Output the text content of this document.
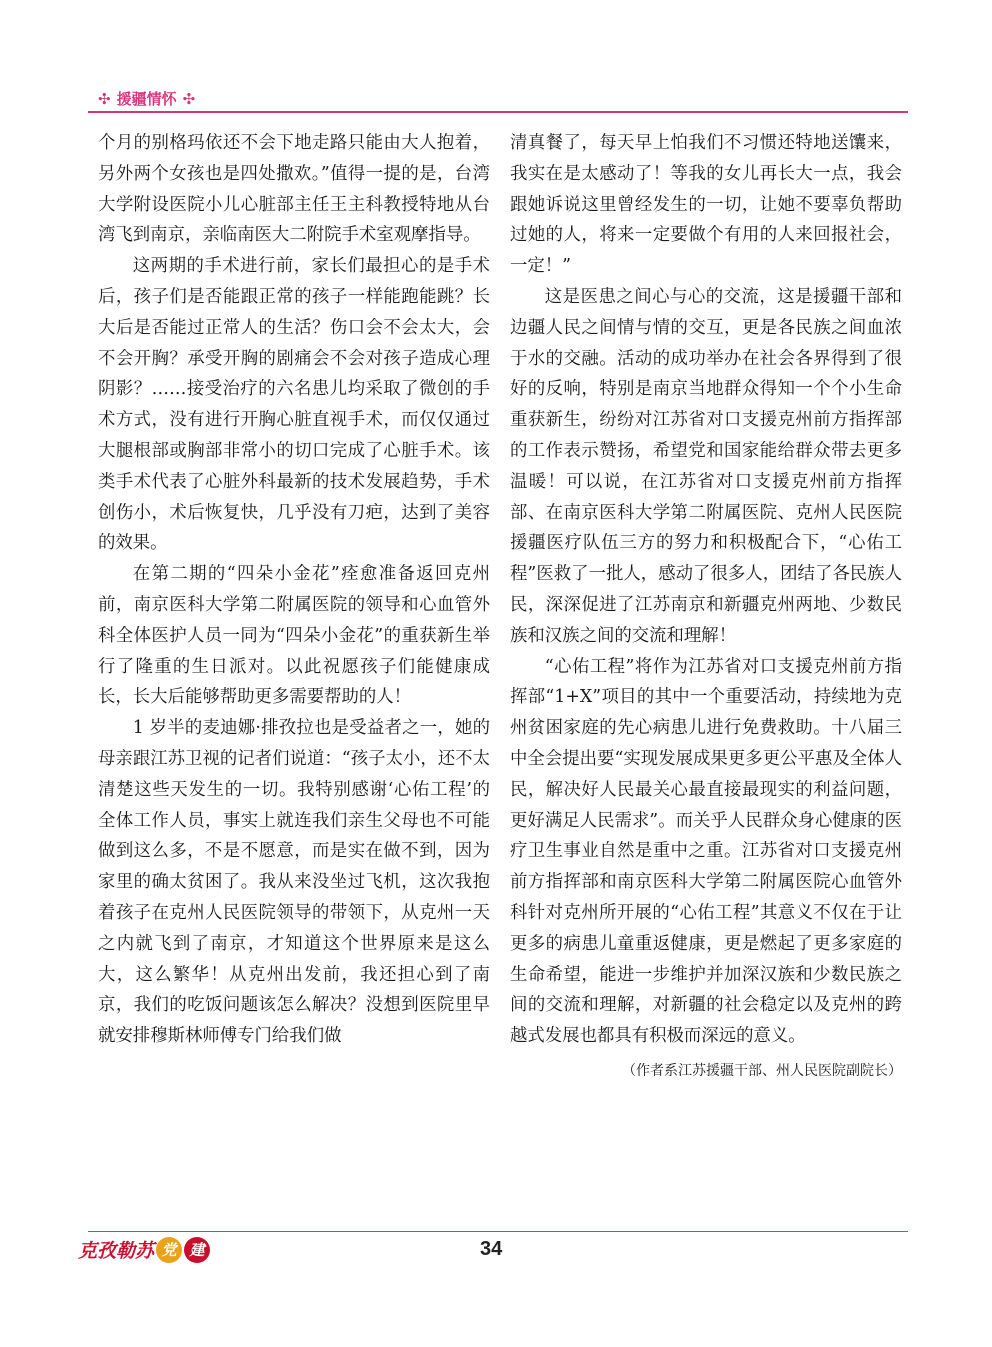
✣ 援疆情怀 ✣

个月的别格玛依还不会下地走路只能由大人抱着，另外两个女孩也是四处撒欢。”值得一提的是，台湾大学附设医院小儿心脏部主任王主科教授特地从台湾飞到南京，亲临南医大二附院手术室观摩指导。

这两期的手术进行前，家长们最担心的是手术后，孩子们是否能跟正常的孩子一样能跑能跳？长大后是否能过正常人的生活？伤口会不会太大，会不会开胸？承受开胸的剧痛会不会对孩子造成心理阴影？……接受治疗的六名患儿均采取了微创的手术方式，没有进行开胸心脏直视手术，而仅仅通过大腿根部或胸部非常小的切口完成了心脏手术。该类手术代表了心脏外科最新的技术发展趋势，手术创伤小，术后恢复快，几乎没有刀疤，达到了美容的效果。

在第二期的“四朵小金花”痊愈准备返回克州前，南京医科大学第二附属医院的领导和心血管外科全体医护人员一同为“四朵小金花”的重获新生举行了隆重的生日派对。以此祝愿孩子们能健康成长，长大后能够帮助更多需要帮助的人！

1 岁半的麦迪娜·排孜拉也是受益者之一，她的母亲跟江苏卫视的记者们说道：“孩子太小，还不太清楚这些天发生的一切。我特别感谢‘心佑工程’的全体工作人员，事实上就连我们亲生父母也不可能做到这么多，不是不愿意，而是实在做不到，因为家里的确太贫困了。我从来没坐过飞机，这次我抱着孩子在克州人民医院领导的带领下，从克州一天之内就飞到了南京，才知道这个世界原来是这么大，这么繁华！从克州出发前，我还担心到了南京，我们的吃饭问题该怎么解决？没想到医院里早就安排穆斯林师傅专门给我们做

清真餐了，每天早上怕我们不习惯还特地送馕来，我实在是太感动了！等我的女儿再长大一点，我会跟她诉说这里曾经发生的一切，让她不要辜负帮助过她的人，将来一定要做个有用的人来回报社会，一定！”

这是医患之间心与心的交流，这是援疆干部和边疆人民之间情与情的交互，更是各民族之间血浓于水的交融。活动的成功举办在社会各界得到了很好的反响，特别是南京当地群众得知一个个小生命重获新生，纷纷对江苏省对口支援克州前方指挥部的工作表示赞扬，希望党和国家能给群众带去更多温暖！可以说，在江苏省对口支援克州前方指挥部、在南京医科大学第二附属医院、克州人民医院援疆医疗队伍三方的努力和积极配合下，“心佑工程”医救了一批人，感动了很多人，团结了各民族人民，深深促进了江苏南京和新疆克州两地、少数民族和汉族之间的交流和理解！

“心佑工程”将作为江苏省对口支援克州前方指挥部“1+X”项目的其中一个重要活动，持续地为克州贫困家庭的先心病患儿进行免费救助。十八届三中全会提出要“实现发展成果更多更公平惠及全体人民，解决好人民最关心最直接最现实的利益问题，更好满足人民需求”。而关乎人民群众身心健康的医疗卫生事业自然是重中之重。江苏省对口支援克州前方指挥部和南京医科大学第二附属医院心血管外科针对克州所开展的“心佑工程”其意义不仅在于让更多的病患儿童重返健康，更是燃起了更多家庭的生命希望，能进一步维护并加深汉族和少数民族之间的交流和理解，对新疆的社会稳定以及克州的跨越式发展也都具有积极而深远的意义。

（作者系江苏援疆干部、州人民医院副院长）

克孜勒苏 党 建	34
